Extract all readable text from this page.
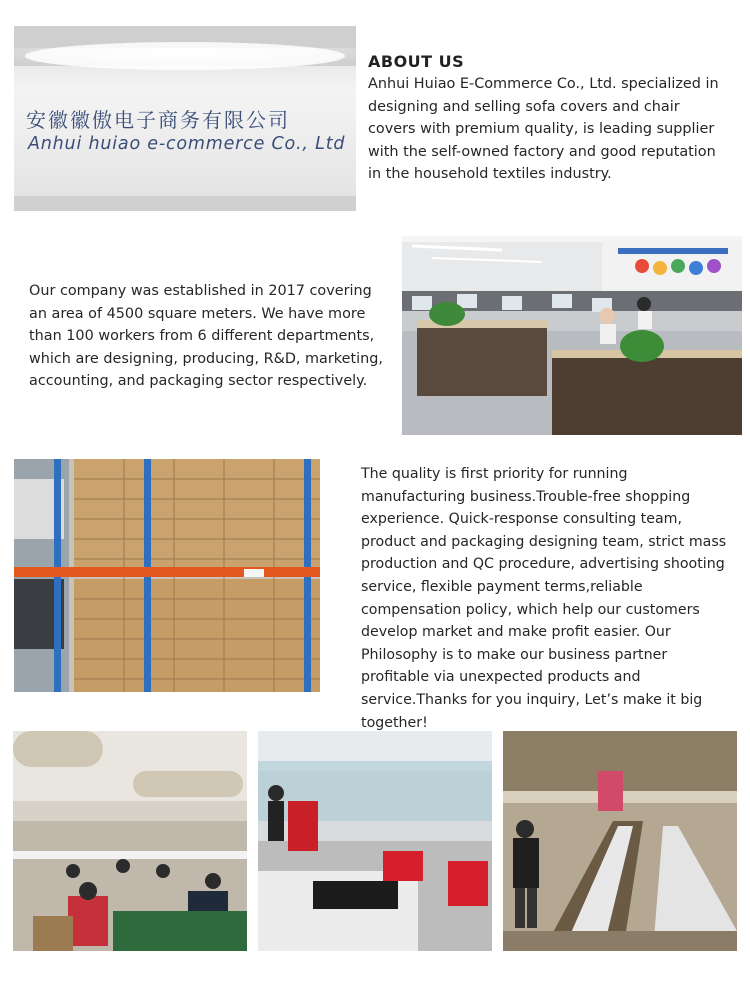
安徽徽傲电子商务有限公司
Anhui huiao e-commerce Co., Ltd
ABOUT US
Anhui Huiao E-Commerce Co., Ltd. specialized in designing and selling sofa covers and chair covers with premium quality, is leading supplier with the self-owned factory and good reputation in the household textiles industry.
Our company was established in 2017 covering an area of 4500 square meters. We have more than 100 workers from 6 different departments, which are designing, producing, R&D, marketing, accounting, and packaging sector respectively.
The quality is first priority for running manufacturing business.Trouble-free shopping experience. Quick-response consulting team, product and packaging designing team, strict mass production and QC procedure, advertising shooting service, flexible payment terms,reliable compensation policy, which help our customers develop market and make profit easier. Our Philosophy is to make our business partner profitable via unexpected products and service.Thanks for you inquiry, Let’s make it big together!
